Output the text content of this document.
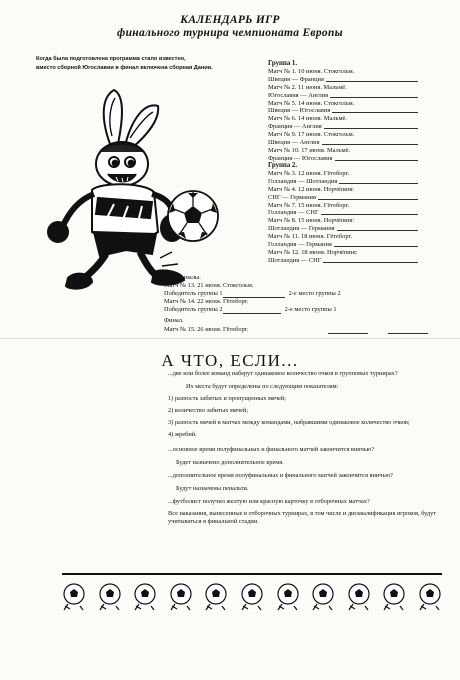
КАЛЕНДАРЬ ИГР
финального турнира чемпионата Европы
Когда была подготовлена программа стало известно,
вместо сборной Югославии в финал включена сборная Дании.
Группа 1.
Матч № 1. 10 июня. Стокгольм.
Швеция — Франция
Матч № 2. 11 июня. Мальмё.
Югославия — Англия
Матч № 5. 14 июня. Стокгольм.
Швеция — Югославия
Матч № 6. 14 июня. Мальмё.
Франция — Англия
Матч № 9. 17 июня. Стокгольм.
Швеция — Англия
Матч № 10. 17 июня. Мальмё.
Франция — Югославия
Группа 2.
Матч № 3. 12 июня. Гётеборг.
Голландия — Шотландия
Матч № 4. 12 июня. Норчёпинг.
СНГ — Германия
Матч № 7. 15 июня. Гётеборг.
Голландия — СНГ
Матч № 8. 15 июня. Норчёпинг.
Шотландия — Германия
Матч № 11. 18 июня. Гётеборг.
Голландия — Германия
Матч № 12. 18 июня. Норчёпинг.
Шотландия — СНГ
Полуфиналы.
Матч № 13. 21 июня. Стокгольм.
Победитель группы 1	2-е место группы 2
Матч № 14. 22 июня. Гётеборг.
Победитель группы 2	2-е место группы 1
Финал.
Матч № 15. 26 июня. Гётеборг.
А ЧТО, ЕСЛИ...

...две или более команд наберут одинаковое количество очков в групповых турнирах?

Их места будут определены по следующим показателям:

1) разность забитых и пропущенных мячей;

2) количество забитых мячей;

3) разность мячей в матчах между командами, набравшими одинаковое количество очков;

4) жребий.

...основное время полуфинальных и финального матчей закончится вничью?

Будет назначено дополнительное время.

...дополнительное время полуфинальных и финального матчей закончится вничью?

Будут назначены пенальти.

...футболист получил желтую или красную карточку в отборочных матчах?

Все наказания, вынесенные в отборочных турнирах, в том числе и дисквалификация игроков, будут учитываться в финальной стадии.
